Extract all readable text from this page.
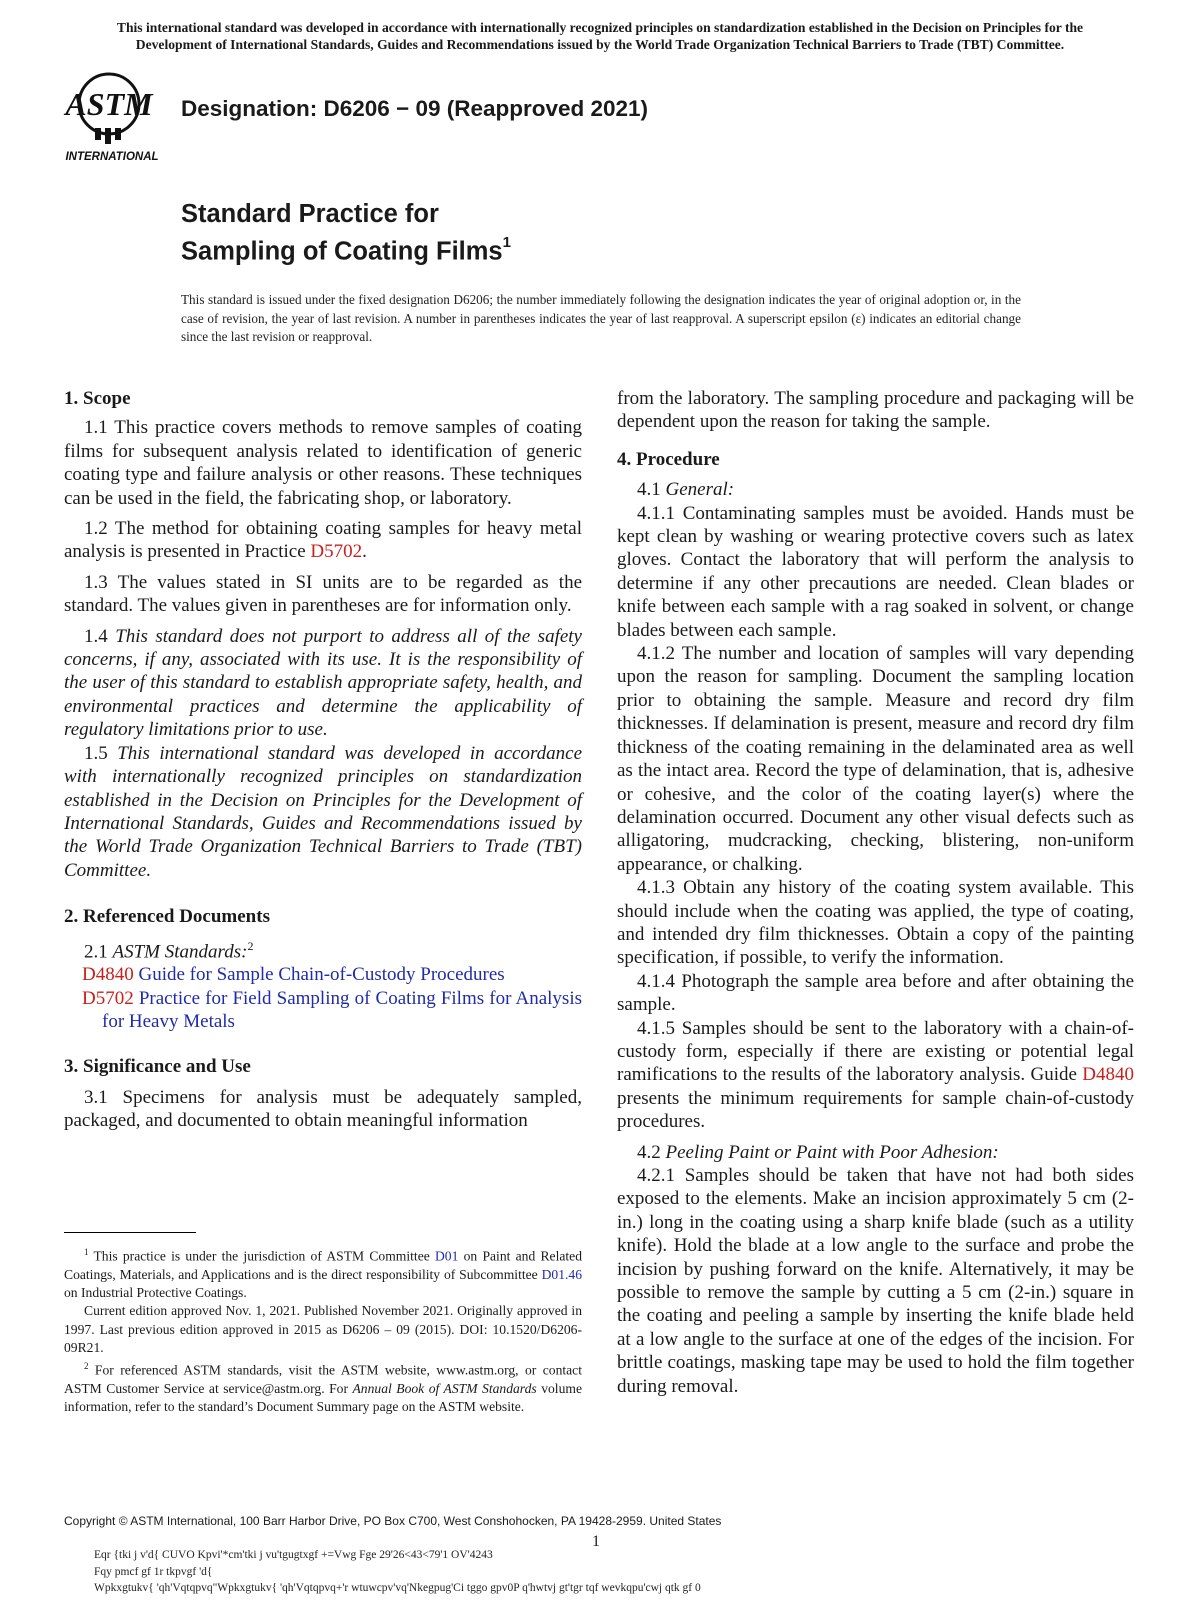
This international standard was developed in accordance with internationally recognized principles on standardization established in the Decision on Principles for the
Development of International Standards, Guides and Recommendations issued by the World Trade Organization Technical Barriers to Trade (TBT) Committee.
ASTM
INTERNATIONAL
Designation: D6206 − 09 (Reapproved 2021)
Standard Practice for
Sampling of Coating Films$^1$
This standard is issued under the fixed designation D6206; the number immediately following the designation indicates the year of original adoption or, in the case of revision, the year of last revision. A number in parentheses indicates the year of last reapproval. A superscript epsilon (ε) indicates an editorial change since the last revision or reapproval.

1. Scope

1.1 This practice covers methods to remove samples of coating films for subsequent analysis related to identification of generic coating type and failure analysis or other reasons. These techniques can be used in the field, the fabricating shop, or laboratory.

1.2 The method for obtaining coating samples for heavy metal analysis is presented in Practice D5702.

1.3 The values stated in SI units are to be regarded as the standard. The values given in parentheses are for information only.

1.4 This standard does not purport to address all of the safety concerns, if any, associated with its use. It is the responsibility of the user of this standard to establish appropriate safety, health, and environmental practices and determine the applicability of regulatory limitations prior to use.

1.5 This international standard was developed in accordance with internationally recognized principles on standardization established in the Decision on Principles for the Development of International Standards, Guides and Recommendations issued by the World Trade Organization Technical Barriers to Trade (TBT) Committee.

2. Referenced Documents

2.1 ASTM Standards:$^2$

D4840 Guide for Sample Chain-of-Custody Procedures

D5702 Practice for Field Sampling of Coating Films for Analysis for Heavy Metals

3. Significance and Use

3.1 Specimens for analysis must be adequately sampled, packaged, and documented to obtain meaningful information

from the laboratory. The sampling procedure and packaging will be dependent upon the reason for taking the sample.

4. Procedure

4.1 General:

4.1.1 Contaminating samples must be avoided. Hands must be kept clean by washing or wearing protective covers such as latex gloves. Contact the laboratory that will perform the analysis to determine if any other precautions are needed. Clean blades or knife between each sample with a rag soaked in solvent, or change blades between each sample.

4.1.2 The number and location of samples will vary depending upon the reason for sampling. Document the sampling location prior to obtaining the sample. Measure and record dry film thicknesses. If delamination is present, measure and record dry film thickness of the coating remaining in the delaminated area as well as the intact area. Record the type of delamination, that is, adhesive or cohesive, and the color of the coating layer(s) where the delamination occurred. Document any other visual defects such as alligatoring, mudcracking, checking, blistering, non-uniform appearance, or chalking.

4.1.3 Obtain any history of the coating system available. This should include when the coating was applied, the type of coating, and intended dry film thicknesses. Obtain a copy of the painting specification, if possible, to verify the information.

4.1.4 Photograph the sample area before and after obtaining the sample.

4.1.5 Samples should be sent to the laboratory with a chain-of-custody form, especially if there are existing or potential legal ramifications to the results of the laboratory analysis. Guide D4840 presents the minimum requirements for sample chain-of-custody procedures.

4.2 Peeling Paint or Paint with Poor Adhesion:

4.2.1 Samples should be taken that have not had both sides exposed to the elements. Make an incision approximately 5 cm (2-in.) long in the coating using a sharp knife blade (such as a utility knife). Hold the blade at a low angle to the surface and probe the incision by pushing forward on the knife. Alternatively, it may be possible to remove the sample by cutting a 5 cm (2-in.) square in the coating and peeling a sample by inserting the knife blade held at a low angle to the surface at one of the edges of the incision. For brittle coatings, masking tape may be used to hold the film together during removal.

$^1$ This practice is under the jurisdiction of ASTM Committee D01 on Paint and Related Coatings, Materials, and Applications and is the direct responsibility of Subcommittee D01.46 on Industrial Protective Coatings.

Current edition approved Nov. 1, 2021. Published November 2021. Originally approved in 1997. Last previous edition approved in 2015 as D6206 – 09 (2015). DOI: 10.1520/D6206-09R21.

$^2$ For referenced ASTM standards, visit the ASTM website, www.astm.org, or contact ASTM Customer Service at service@astm.org. For Annual Book of ASTM Standards volume information, refer to the standard’s Document Summary page on the ASTM website.

Copyright © ASTM International, 100 Barr Harbor Drive, PO Box C700, West Conshohocken, PA 19428-2959. United States
1
Eqr {tki j v'd{ CUVO Kpvi'*cm'tki j vu'tgugtxgf +=Vwg Fge 29'26<43<79'1 OV'4243
Fqy pmcf gf 1r tkpvgf 'd{
Wpkxgtukv{ 'qh'Vqtqpvq"Wpkxgtukv{ 'qh'Vqtqpvq+'r wtuwcpv'vq'Nkegpug'Ci tggo gpv0P q'hwtvj gt'tgr tqf wevkqpu'cwj qtk gf 0
